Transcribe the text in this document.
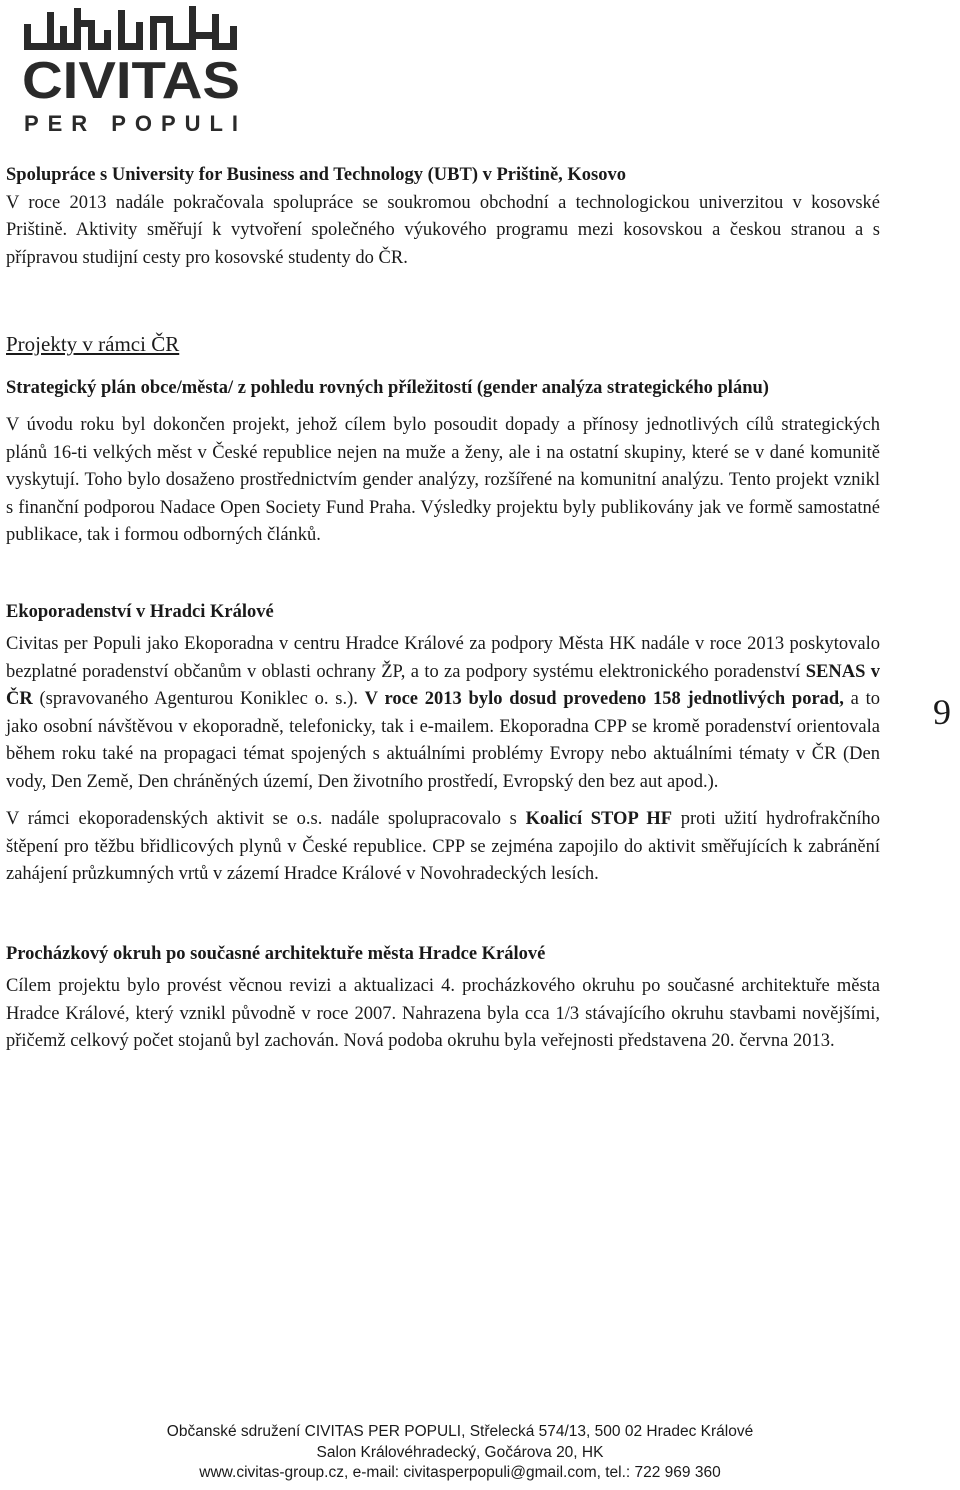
CIVITAS
PER POPULI
Spolupráce s University for Business and Technology (UBT) v Prištině, Kosovo

V roce 2013 nadále pokračovala spolupráce se soukromou obchodní a technologickou univerzitou v kosovské Prištině. Aktivity směřují k vytvoření společného výukového programu mezi kosovskou a českou stranou a s přípravou studijní cesty pro kosovské studenty do ČR.

Projekty v rámci ČR

Strategický plán obce/města/ z pohledu rovných příležitostí (gender analýza strategického plánu)

V úvodu roku byl dokončen projekt, jehož cílem bylo posoudit dopady a přínosy jednotlivých cílů strategických plánů 16-ti velkých měst v České republice nejen na muže a ženy, ale i na ostatní skupiny, které se v dané komunitě vyskytují. Toho bylo dosaženo prostřednictvím gender analýzy, rozšířené na komunitní analýzu. Tento projekt vznikl s finanční podporou Nadace Open Society Fund Praha. Výsledky projektu byly publikovány jak ve formě samostatné publikace, tak i formou odborných článků.

Ekoporadenství v Hradci Králové

Civitas per Populi jako Ekoporadna v centru Hradce Králové za podpory Města HK nadále v roce 2013 poskytovalo bezplatné poradenství občanům v oblasti ochrany ŽP, a to za podpory systému elektronického poradenství SENAS v ČR (spravovaného Agenturou Koniklec o. s.). V roce 2013 bylo dosud provedeno 158 jednotlivých porad, a to jako osobní návštěvou v ekoporadně, telefonicky, tak i e-mailem. Ekoporadna CPP se kromě poradenství orientovala během roku také na propagaci témat spojených s aktuálními problémy Evropy nebo aktuálními tématy v ČR (Den vody, Den Země, Den chráněných území, Den životního prostředí, Evropský den bez aut apod.).

V rámci ekoporadenských aktivit se o.s. nadále spolupracovalo s Koalicí STOP HF proti užití hydrofrakčního štěpení pro těžbu břidlicových plynů v České republice. CPP se zejména zapojilo do aktivit směřujících k zabránění zahájení průzkumných vrtů v zázemí Hradce Králové v Novohradeckých lesích.

Procházkový okruh po současné architektuře města Hradce Králové

Cílem projektu bylo provést věcnou revizi a aktualizaci 4. procházkového okruhu po současné architektuře města Hradce Králové, který vznikl původně v roce 2007. Nahrazena byla cca 1/3 stávajícího okruhu stavbami novějšími, přičemž celkový počet stojanů byl zachován. Nová podoba okruhu byla veřejnosti představena 20. června 2013.

9
Občanské sdružení CIVITAS PER POPULI, Střelecká 574/13, 500 02 Hradec Králové
Salon Královéhradecký, Gočárova 20, HK
www.civitas-group.cz, e-mail: civitasperpopuli@gmail.com, tel.: 722 969 360
